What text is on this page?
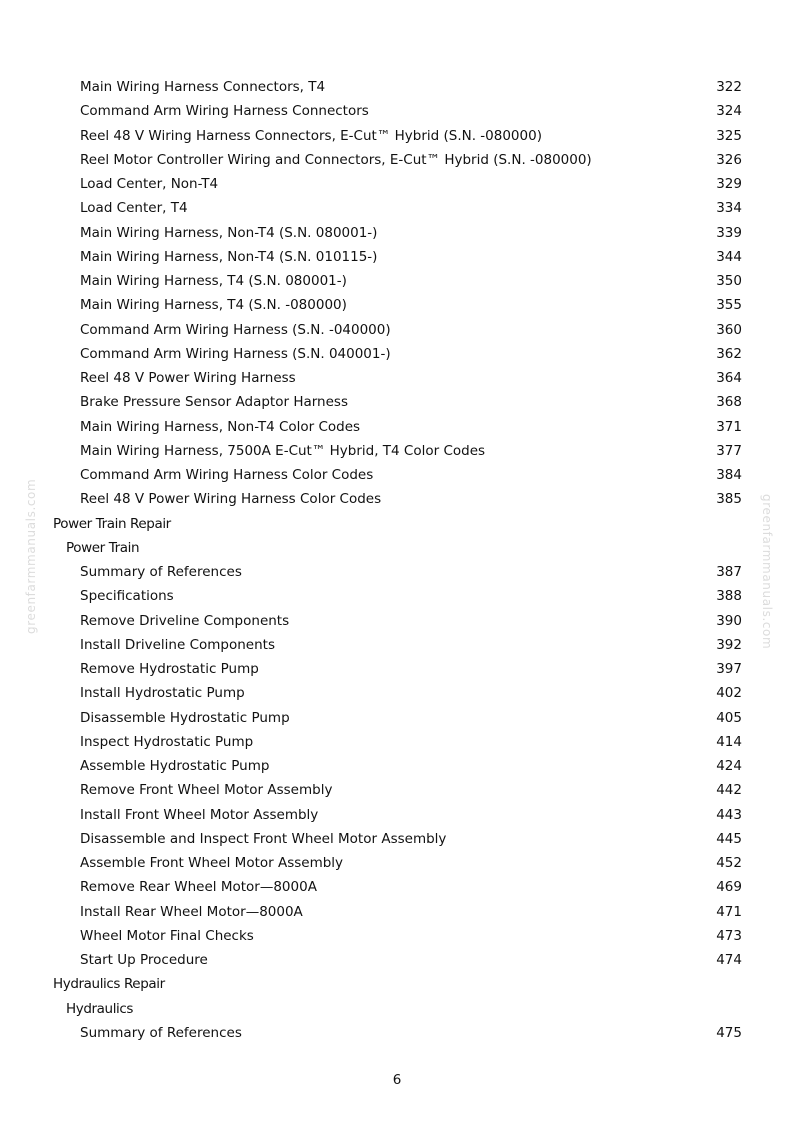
greenfarmmanuals.com	greenfarmmanuals.com
Main Wiring Harness Connectors, T4	322
Command Arm Wiring Harness Connectors	324
Reel 48 V Wiring Harness Connectors, E-Cut™ Hybrid (S.N. -080000)	325
Reel Motor Controller Wiring and Connectors, E-Cut™ Hybrid (S.N. -080000)	326
Load Center, Non-T4	329
Load Center, T4	334
Main Wiring Harness, Non-T4 (S.N. 080001-)	339
Main Wiring Harness, Non-T4 (S.N. 010115-)	344
Main Wiring Harness, T4 (S.N. 080001-)	350
Main Wiring Harness, T4 (S.N. -080000)	355
Command Arm Wiring Harness (S.N. -040000)	360
Command Arm Wiring Harness (S.N. 040001-)	362
Reel 48 V Power Wiring Harness	364
Brake Pressure Sensor Adaptor Harness	368
Main Wiring Harness, Non-T4 Color Codes	371
Main Wiring Harness, 7500A E-Cut™ Hybrid, T4 Color Codes	377
Command Arm Wiring Harness Color Codes	384
Reel 48 V Power Wiring Harness Color Codes	385
Power Train Repair
Power Train
Summary of References	387
Specifications	388
Remove Driveline Components	390
Install Driveline Components	392
Remove Hydrostatic Pump	397
Install Hydrostatic Pump	402
Disassemble Hydrostatic Pump	405
Inspect Hydrostatic Pump	414
Assemble Hydrostatic Pump	424
Remove Front Wheel Motor Assembly	442
Install Front Wheel Motor Assembly	443
Disassemble and Inspect Front Wheel Motor Assembly	445
Assemble Front Wheel Motor Assembly	452
Remove Rear Wheel Motor—8000A	469
Install Rear Wheel Motor—8000A	471
Wheel Motor Final Checks	473
Start Up Procedure	474
Hydraulics Repair
Hydraulics
Summary of References	475
6
